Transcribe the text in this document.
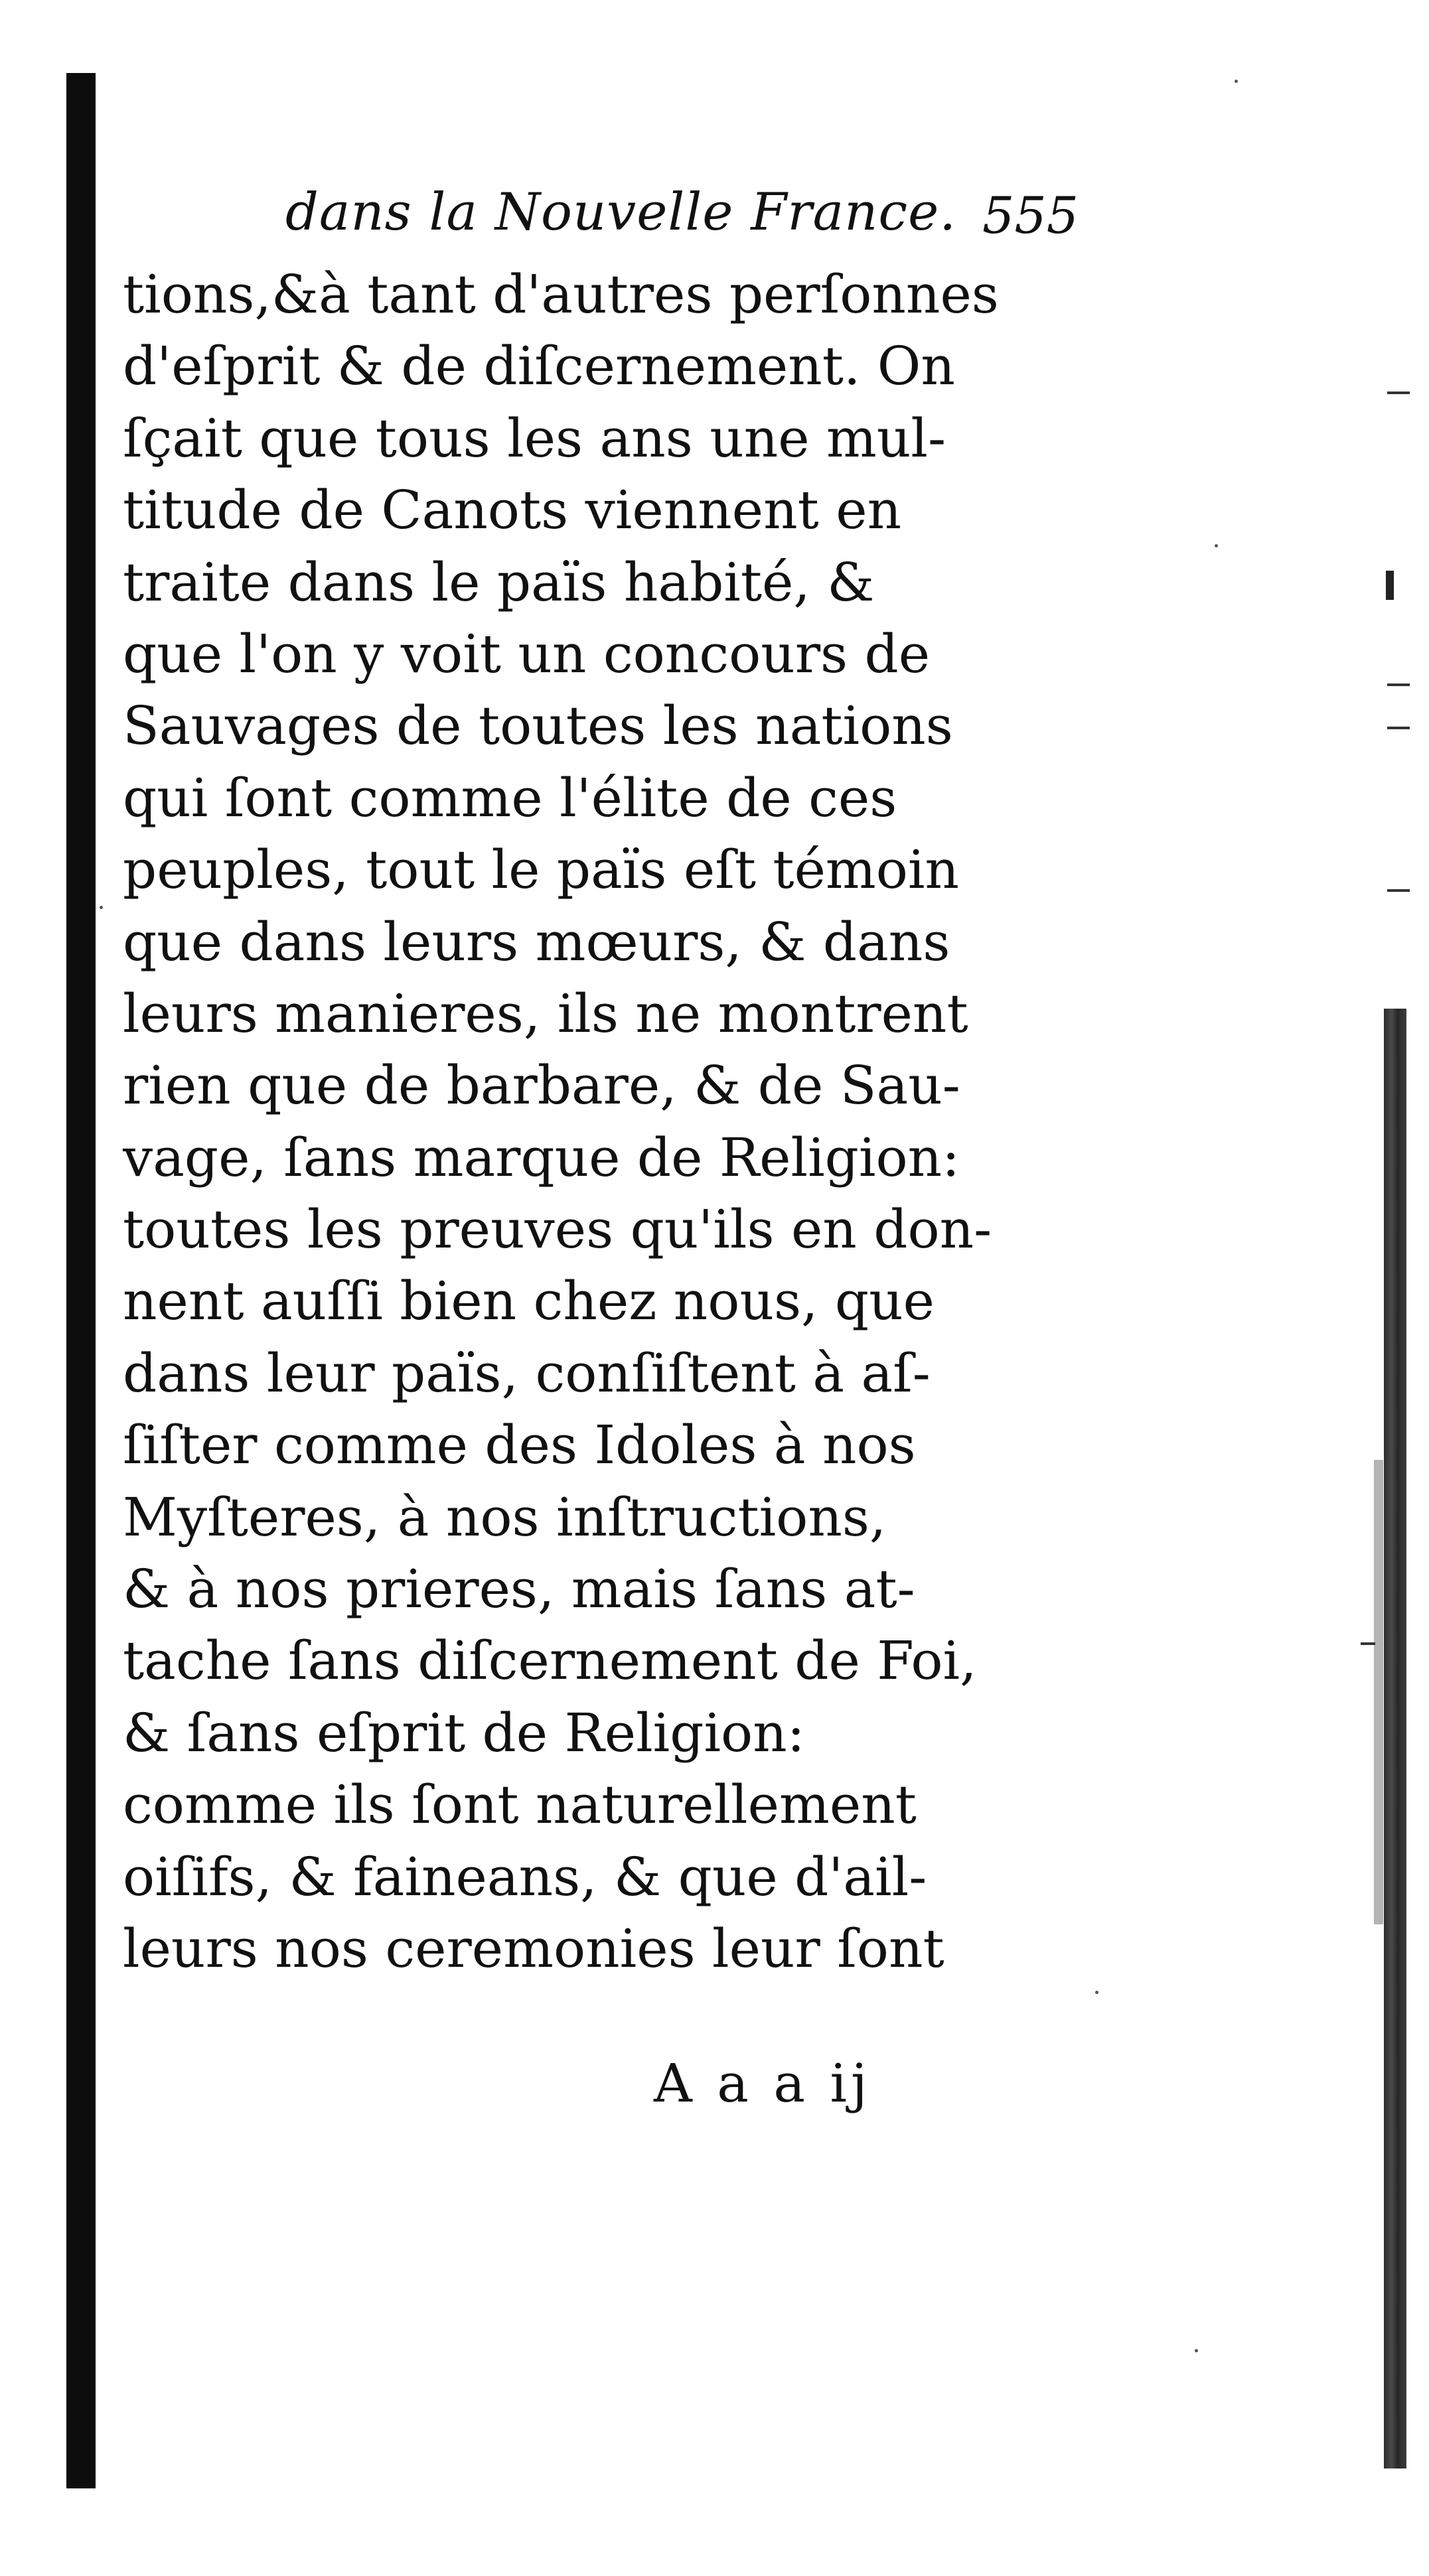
dans la Nouvelle France. 555
tions,&à tant d'autres perſonnes
d'eſprit & de diſcernement. On
ſçait que tous les ans une mul-
titude de Canots viennent en
traite dans le païs habité, &
que l'on y voit un concours de
Sauvages de toutes les nations
qui ſont comme l'élite de ces
peuples, tout le païs eſt témoin
que dans leurs mœurs, & dans
leurs manieres, ils ne montrent
rien que de barbare, & de Sau-
vage, ſans marque de Religion:
toutes les preuves qu'ils en don-
nent auſſi bien chez nous, que
dans leur païs, conſiſtent à aſ-
ſiſter comme des Idoles à nos
Myſteres, à nos inſtructions,
& à nos prieres, mais ſans at-
tache ſans diſcernement de Foi,
& ſans eſprit de Religion:
comme ils ſont naturellement
oiſifs, & faineans, & que d'ail-
leurs nos ceremonies leur ſont
A a a ij
